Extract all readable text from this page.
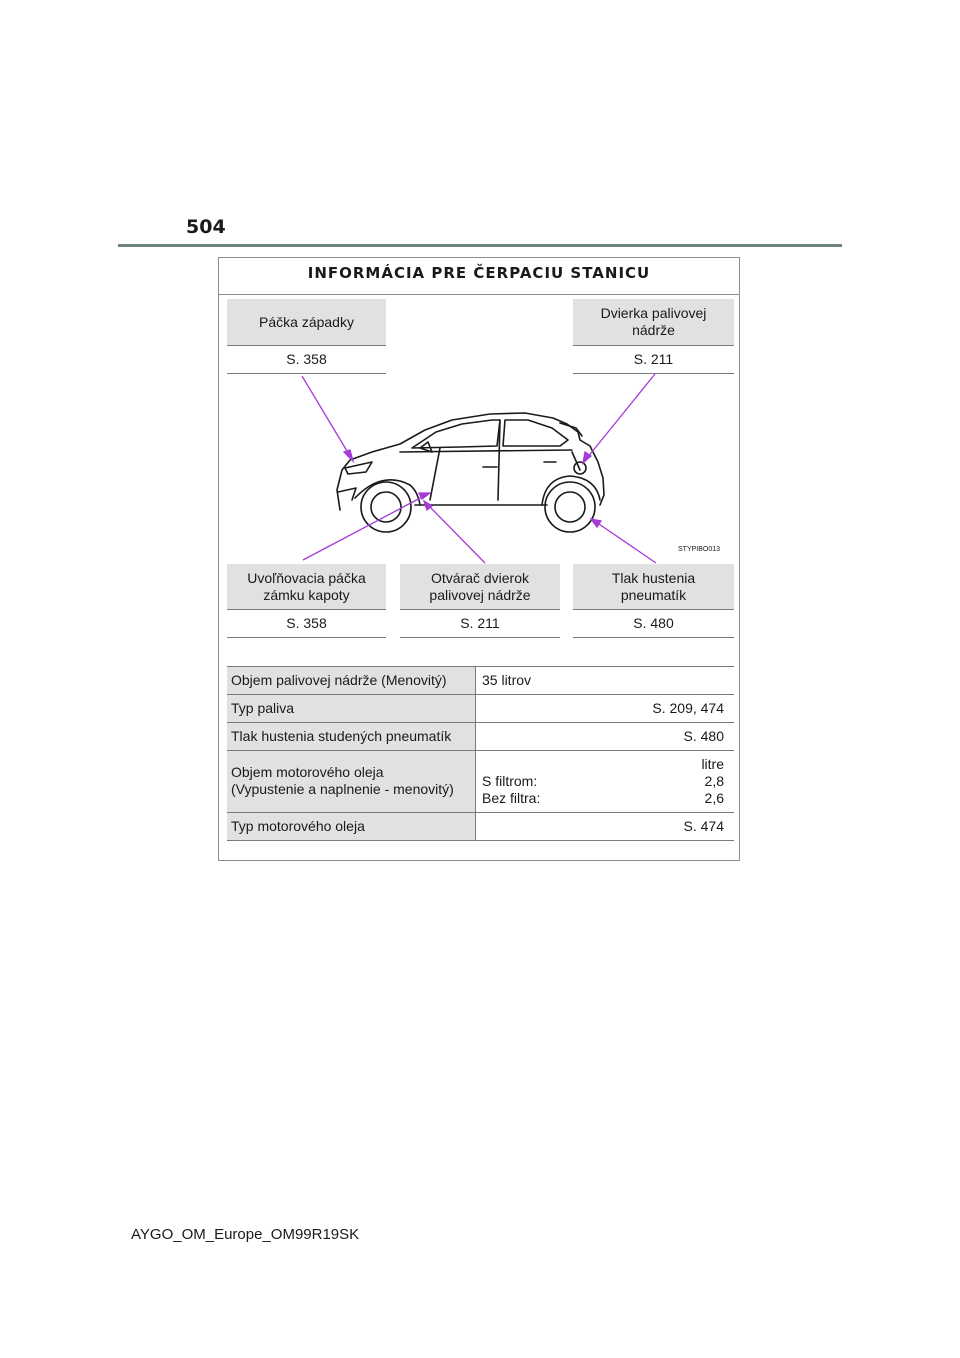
504
INFORMÁCIA PRE ČERPACIU STANICU
Páčka západky
S. 358
Dvierka palivovej nádrže
S. 211
STYPIBO013
Uvoľňovacia páčka zámku kapoty
S. 358
Otvárač dvierok palivovej nádrže
S. 211
Tlak hustenia pneumatík
S. 480
Objem palivovej nádrže (Menovitý)	35 litrov
Typ paliva	S. 209, 474
Tlak hustenia studených pneumatík	S. 480
Objem motorového oleja
(Vypustenie a naplnenie - menovitý)
litre
S filtrom:	2,8
Bez filtra:	2,6
Typ motorového oleja	S. 474
AYGO_OM_Europe_OM99R19SK
